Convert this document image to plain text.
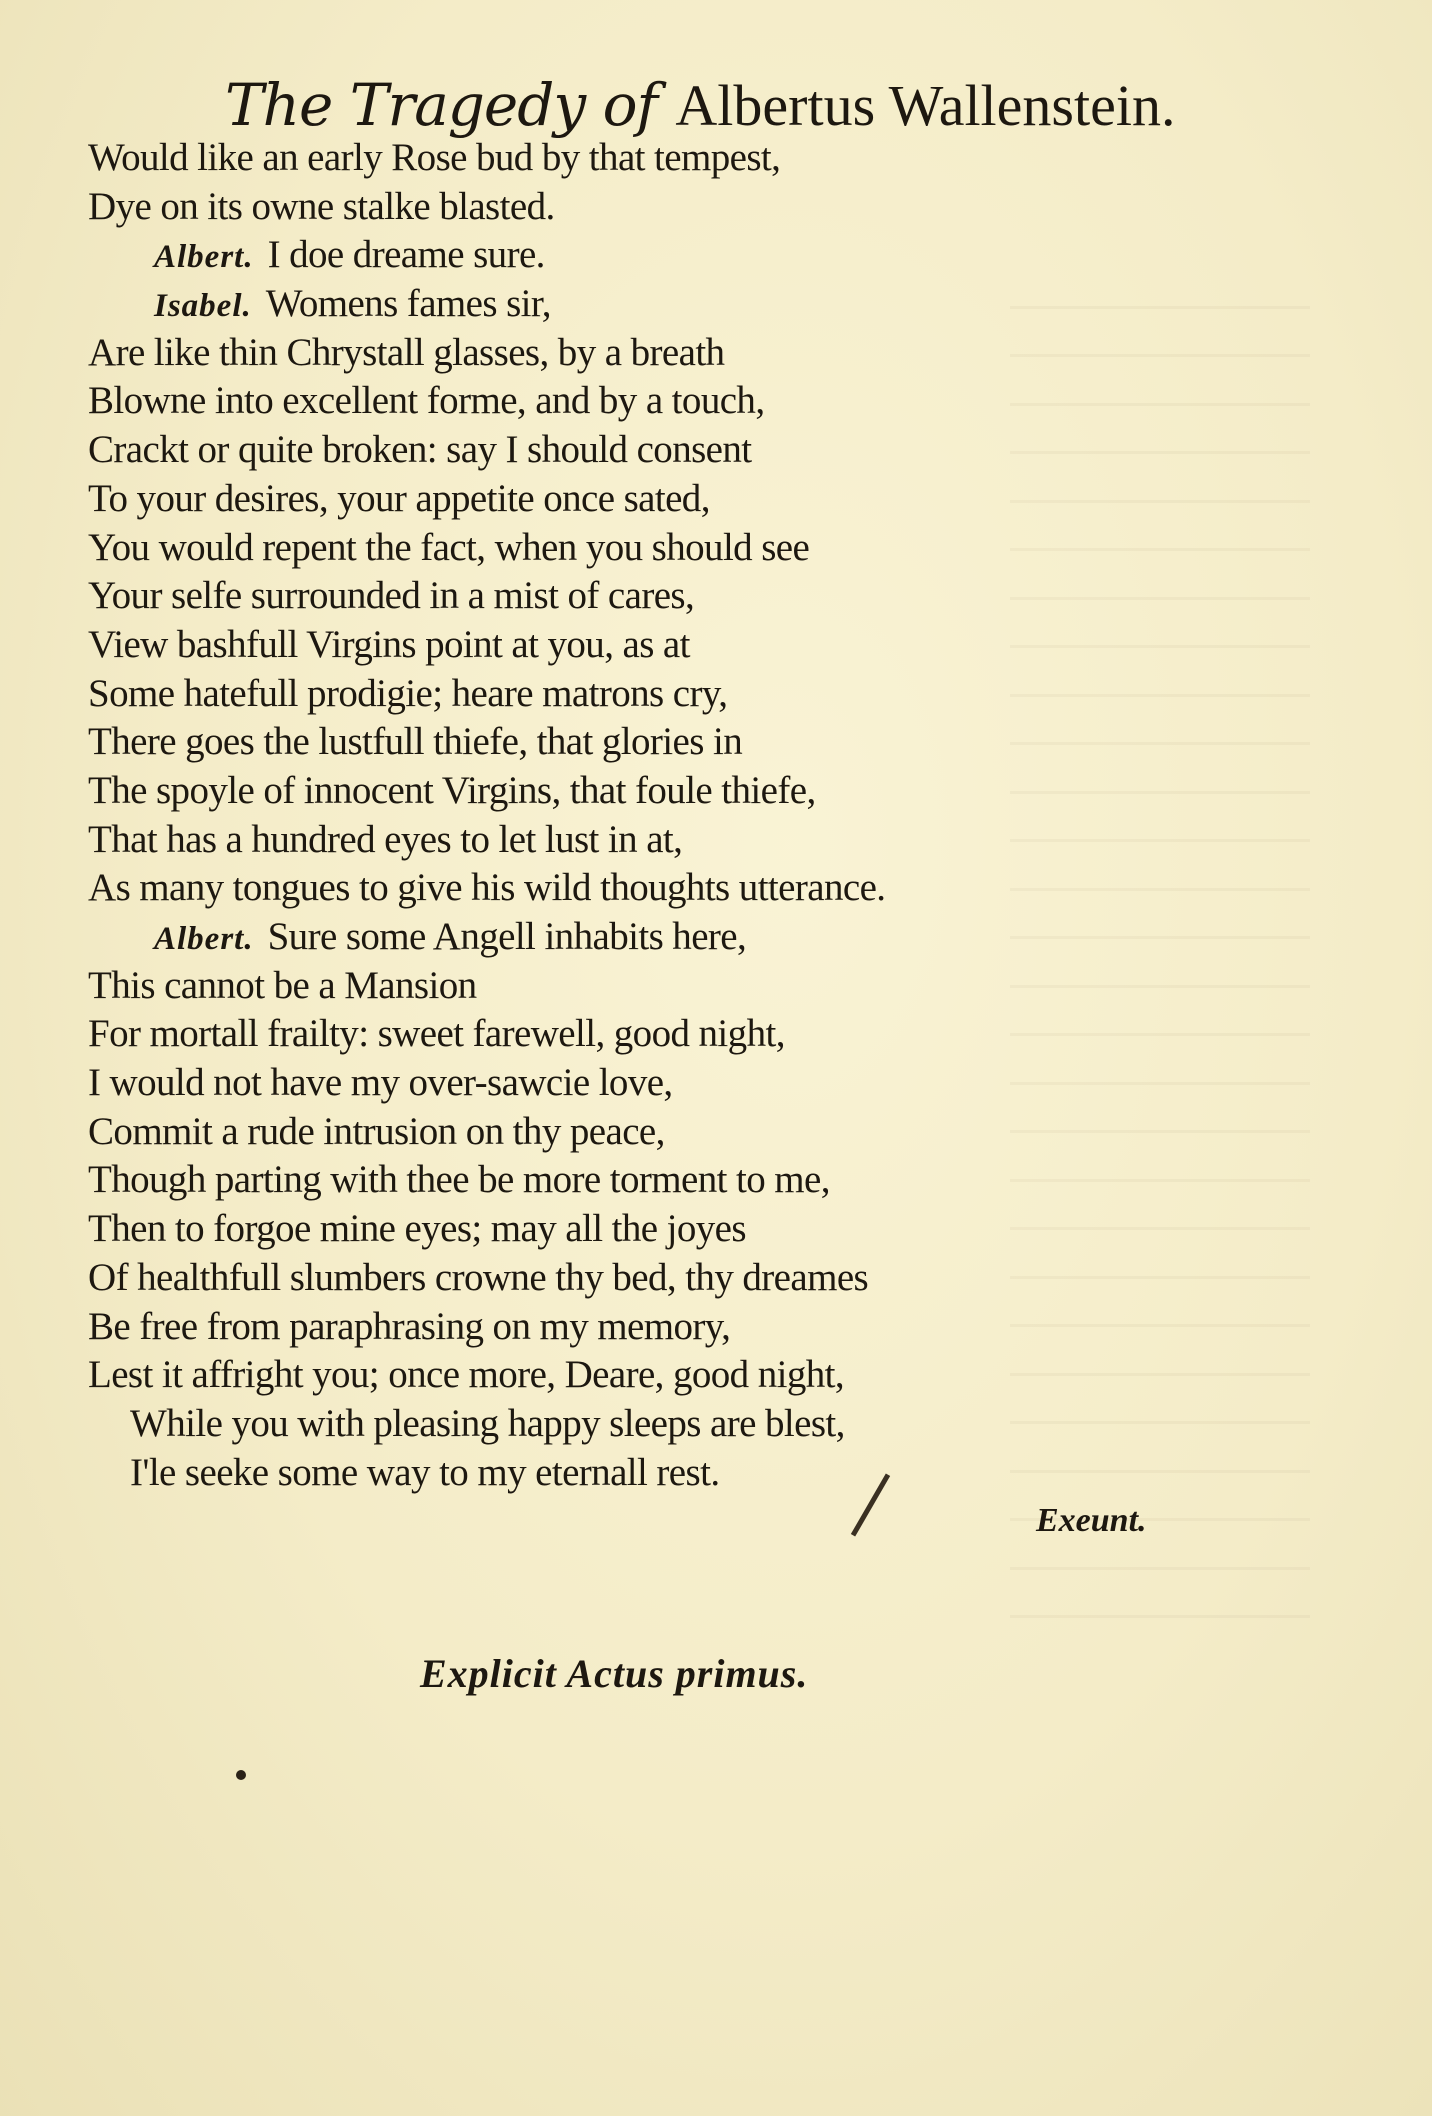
The Tragedy of Albertus Wallenstein.
Would like an early Rose bud by that tempest,
Dye on its owne stalke blasted.
Albert. I doe dreame sure.
Isabel. Womens fames sir,
Are like thin Chrystall glasses, by a breath
Blowne into excellent forme, and by a touch,
Crackt or quite broken: say I should consent
To your desires, your appetite once sated,
You would repent the fact, when you should see
Your selfe surrounded in a mist of cares,
View bashfull Virgins point at you, as at
Some hatefull prodigie; heare matrons cry,
There goes the lustfull thiefe, that glories in
The spoyle of innocent Virgins, that foule thiefe,
That has a hundred eyes to let lust in at,
As many tongues to give his wild thoughts utterance.
Albert. Sure some Angell inhabits here,
This cannot be a Mansion
For mortall frailty: sweet farewell, good night,
I would not have my over-sawcie love,
Commit a rude intrusion on thy peace,
Though parting with thee be more torment to me,
Then to forgoe mine eyes; may all the joyes
Of healthfull slumbers crowne thy bed, thy dreames
Be free from paraphrasing on my memory,
Lest it affright you; once more, Deare, good night,
While you with pleasing happy sleeps are blest,
I'le seeke some way to my eternall rest.
Exeunt.
Explicit Actus primus.
